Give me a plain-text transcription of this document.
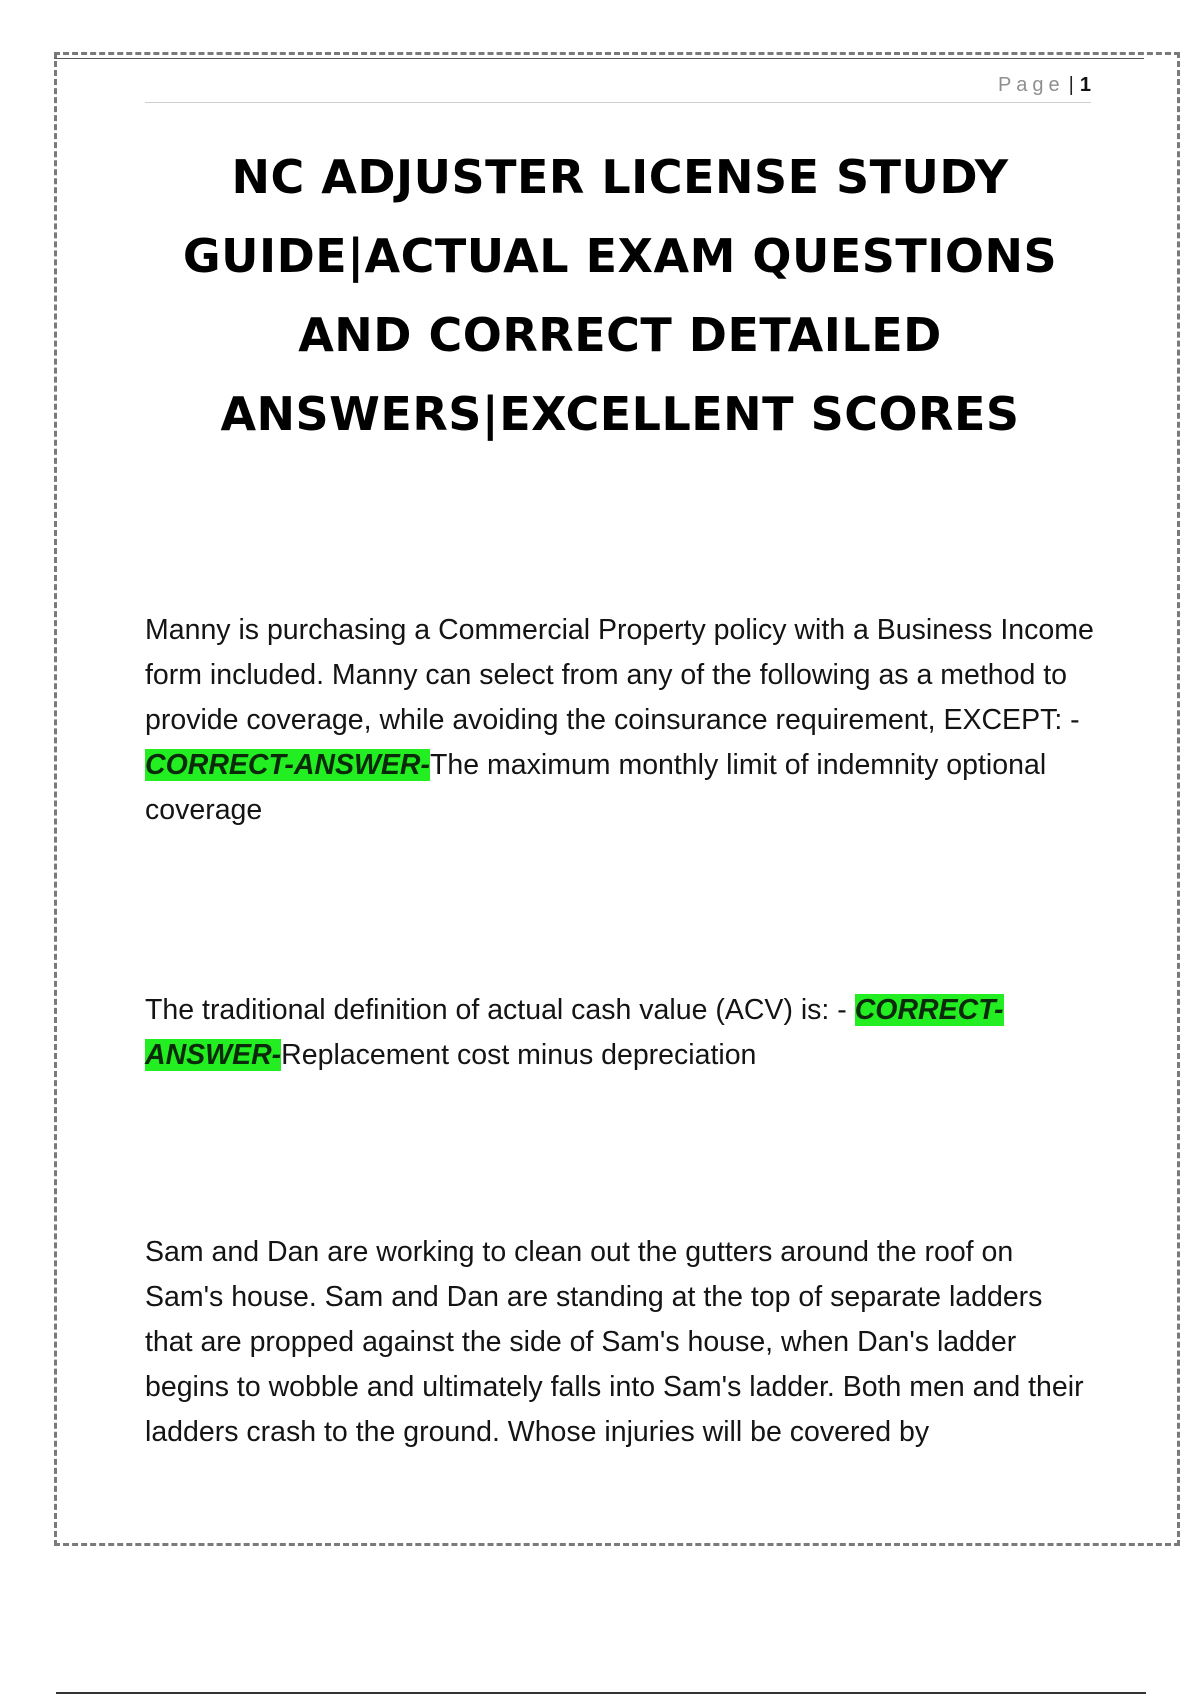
Page | 1
NC ADJUSTER LICENSE STUDY GUIDE|ACTUAL EXAM QUESTIONS AND CORRECT DETAILED ANSWERS|EXCELLENT SCORES
Manny is purchasing a Commercial Property policy with a Business Income form included. Manny can select from any of the following as a method to provide coverage, while avoiding the coinsurance requirement, EXCEPT: - CORRECT-ANSWER-The maximum monthly limit of indemnity optional coverage
The traditional definition of actual cash value (ACV) is: - CORRECT-ANSWER-Replacement cost minus depreciation
Sam and Dan are working to clean out the gutters around the roof on Sam's house. Sam and Dan are standing at the top of separate ladders that are propped against the side of Sam's house, when Dan's ladder begins to wobble and ultimately falls into Sam's ladder. Both men and their ladders crash to the ground. Whose injuries will be covered by
